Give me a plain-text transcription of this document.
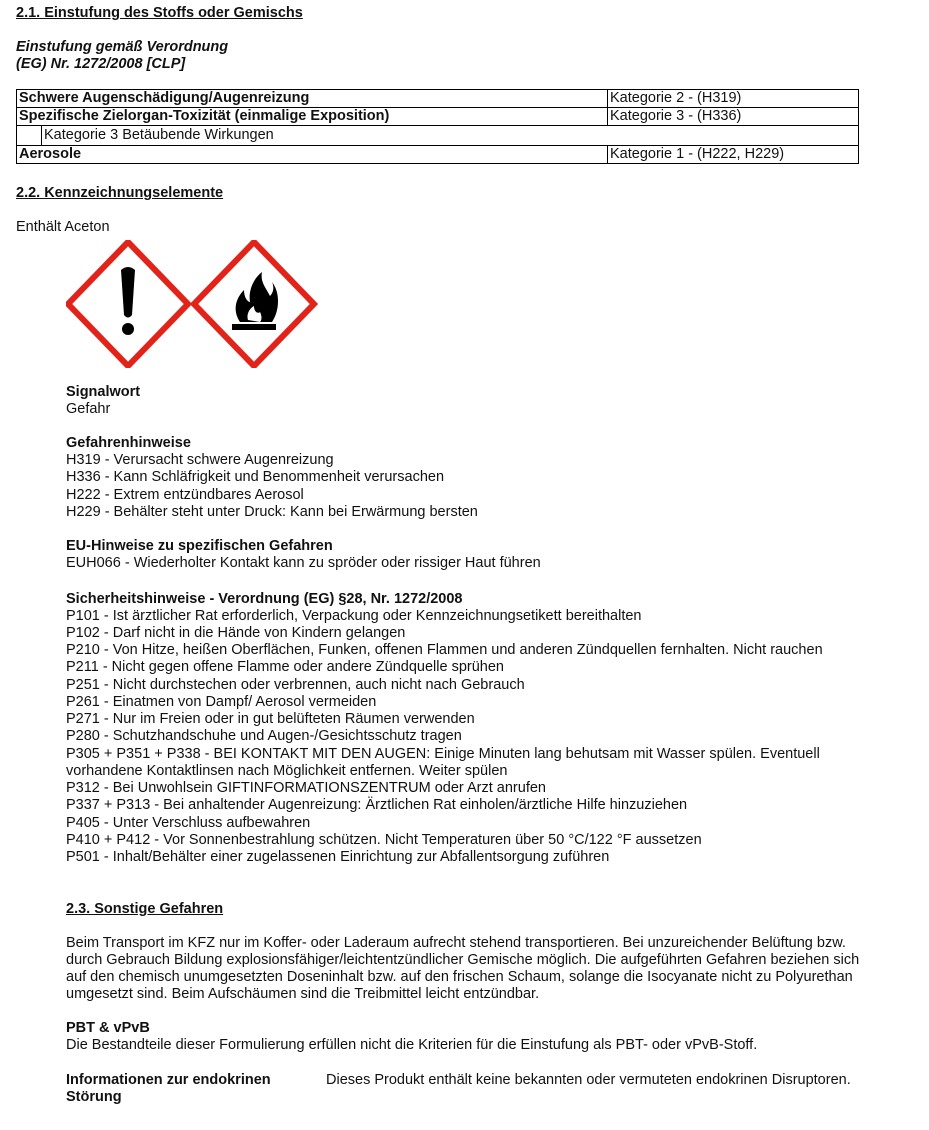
2.1. Einstufung des Stoffs oder Gemischs
Einstufung gemäß Verordnung
(EG) Nr. 1272/2008 [CLP]
Schwere Augenschädigung/Augenreizung	Kategorie 2 - (H319)
Spezifische Zielorgan-Toxizität (einmalige Exposition)	Kategorie 3 - (H336)

Kategorie 3 Betäubende Wirkungen	

Aerosole	Kategorie 1 - (H222, H229)
2.2. Kennzeichnungselemente
Enthält Aceton
Signalwort
Gefahr
Gefahrenhinweise
H319 - Verursacht schwere Augenreizung
H336 - Kann Schläfrigkeit und Benommenheit verursachen
H222 - Extrem entzündbares Aerosol
H229 - Behälter steht unter Druck: Kann bei Erwärmung bersten
EU-Hinweise zu spezifischen Gefahren
EUH066 - Wiederholter Kontakt kann zu spröder oder rissiger Haut führen
Sicherheitshinweise - Verordnung (EG) §28, Nr. 1272/2008
P101 - Ist ärztlicher Rat erforderlich, Verpackung oder Kennzeichnungsetikett bereithalten
P102 - Darf nicht in die Hände von Kindern gelangen
P210 - Von Hitze, heißen Oberflächen, Funken, offenen Flammen und anderen Zündquellen fernhalten. Nicht rauchen
P211 - Nicht gegen offene Flamme oder andere Zündquelle sprühen
P251 - Nicht durchstechen oder verbrennen, auch nicht nach Gebrauch
P261 - Einatmen von Dampf/ Aerosol vermeiden
P271 - Nur im Freien oder in gut belüfteten Räumen verwenden
P280 - Schutzhandschuhe und Augen-/Gesichtsschutz tragen
P305 + P351 + P338 - BEI KONTAKT MIT DEN AUGEN: Einige Minuten lang behutsam mit Wasser spülen. Eventuell
vorhandene Kontaktlinsen nach Möglichkeit entfernen. Weiter spülen
P312 - Bei Unwohlsein GIFTINFORMATIONSZENTRUM oder Arzt anrufen
P337 + P313 - Bei anhaltender Augenreizung: Ärztlichen Rat einholen/ärztliche Hilfe hinzuziehen
P405 - Unter Verschluss aufbewahren
P410 + P412 - Vor Sonnenbestrahlung schützen. Nicht Temperaturen über 50 °C/122 °F aussetzen
P501 - Inhalt/Behälter einer zugelassenen Einrichtung zur Abfallentsorgung zuführen
2.3. Sonstige Gefahren
Beim Transport im KFZ nur im Koffer- oder Laderaum aufrecht stehend transportieren. Bei unzureichender Belüftung bzw.
durch Gebrauch Bildung explosionsfähiger/leichtentzündlicher Gemische möglich. Die aufgeführten Gefahren beziehen sich
auf den chemisch unumgesetzten Doseninhalt bzw. auf den frischen Schaum, solange die Isocyanate nicht zu Polyurethan
umgesetzt sind. Beim Aufschäumen sind die Treibmittel leicht entzündbar.
PBT & vPvB
Die Bestandteile dieser Formulierung erfüllen nicht die Kriterien für die Einstufung als PBT- oder vPvB-Stoff.
Informationen zur endokrinen
Störung
Dieses Produkt enthält keine bekannten oder vermuteten endokrinen Disruptoren.
